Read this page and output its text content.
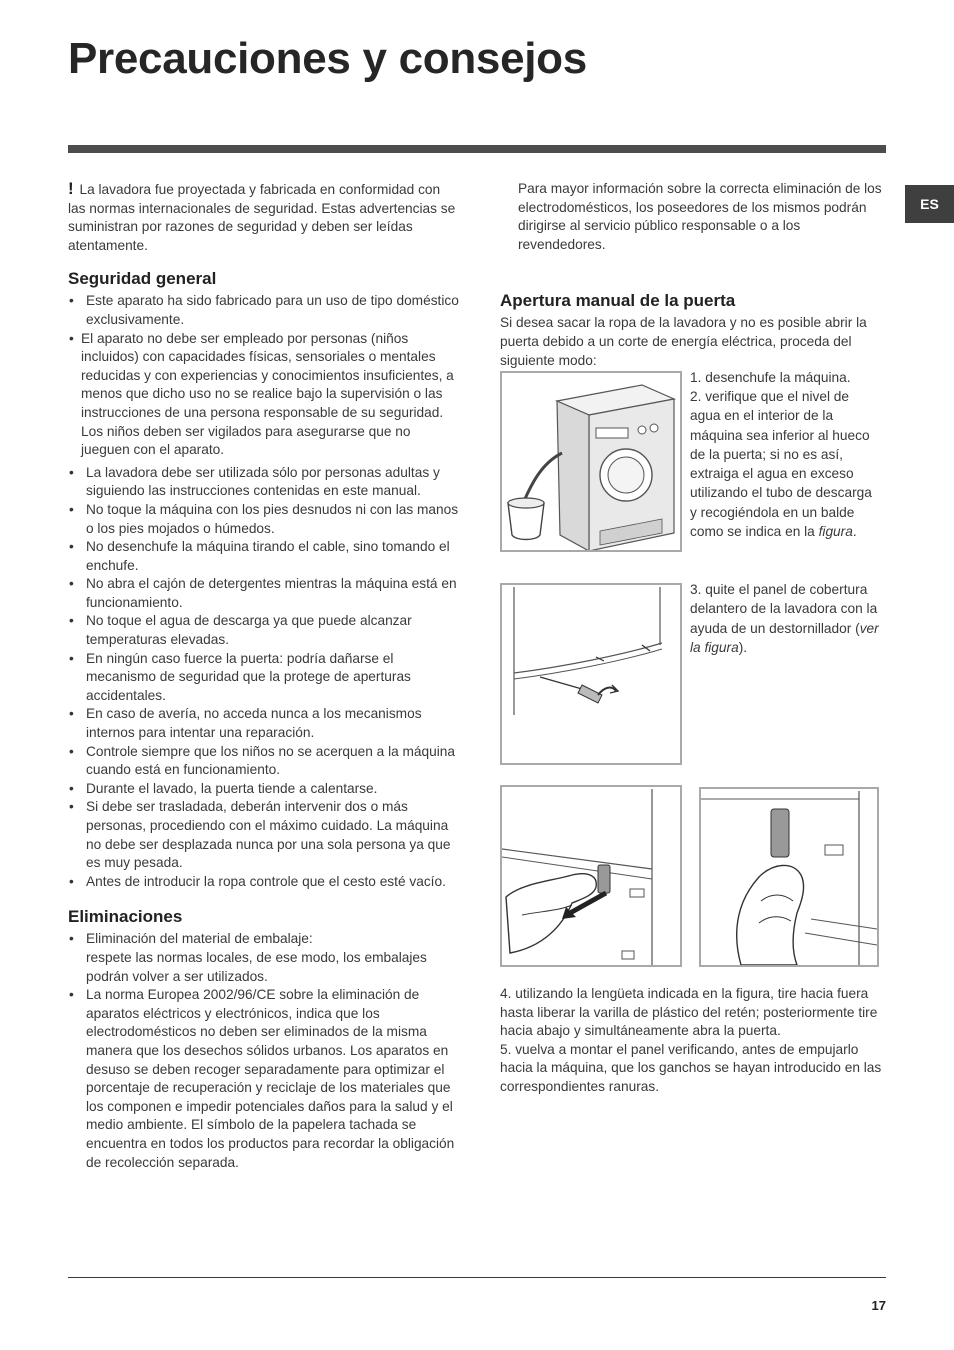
Precauciones y consejos
ES

! La lavadora fue proyectada y fabricada en conformidad con las normas internacionales de seguridad. Estas advertencias se suministran por razones de seguridad y deben ser leídas atentamente.

Seguridad general
• Este aparato ha sido fabricado para un uso de tipo doméstico exclusivamente.
• El aparato no debe ser empleado por personas (niños incluidos) con capacidades físicas, sensoriales o mentales reducidas y con experiencias y conocimientos insuficientes, a menos que dicho uso no se realice bajo la supervisión o las instrucciones de una persona responsable de su seguridad. Los niños deben ser vigilados para asegurarse que no jueguen con el aparato.
• La lavadora debe ser utilizada sólo por personas adultas y siguiendo las instrucciones contenidas en este manual.
• No toque la máquina con los pies desnudos ni con las manos o los pies mojados o húmedos.
• No desenchufe la máquina tirando el cable, sino tomando el enchufe.
• No abra el cajón de detergentes mientras la máquina está en funcionamiento.
• No toque el agua de descarga ya que puede alcanzar temperaturas elevadas.
• En ningún caso fuerce la puerta: podría dañarse el mecanismo de seguridad que la protege de aperturas accidentales.
• En caso de avería, no acceda nunca a los mecanismos internos para intentar una reparación.
• Controle siempre que los niños no se acerquen a la máquina cuando está en funcionamiento.
• Durante el lavado, la puerta tiende a calentarse.
• Si debe ser trasladada, deberán intervenir dos o más personas, procediendo con el máximo cuidado. La máquina no debe ser desplazada nunca por una sola persona ya que es muy pesada.
• Antes de introducir la ropa controle que el cesto esté vacío.
Eliminaciones
• Eliminación del material de embalaje:
respete las normas locales, de ese modo, los embalajes podrán volver a ser utilizados.
• La norma Europea 2002/96/CE sobre la eliminación de aparatos eléctricos y electrónicos, indica que los electrodomésticos no deben ser eliminados de la misma manera que los desechos sólidos urbanos. Los aparatos en desuso se deben recoger separadamente para optimizar el porcentaje de recuperación y reciclaje de los materiales que los componen e impedir potenciales daños para la salud y el medio ambiente. El símbolo de la papelera tachada se encuentra en todos los productos para recordar la obligación de recolección separada.

Para mayor información sobre la correcta eliminación de los electrodomésticos, los poseedores de los mismos podrán dirigirse al servicio público responsable o a los revendedores.

Apertura manual de la puerta

Si desea sacar la ropa de la lavadora y no es posible abrir la puerta debido a un corte de energía eléctrica, proceda del siguiente modo:

1. desenchufe la máquina.
2. verifique que el nivel de agua en el interior de la máquina sea inferior al hueco de la puerta; si no es así, extraiga el agua en exceso utilizando el tubo de descarga y recogiéndola en un balde como se indica en la figura.
3. quite el panel de cobertura delantero de la lavadora con la ayuda de un destornillador (ver la figura).

4. utilizando la lengüeta indicada en la figura, tire hacia fuera hasta liberar la varilla de plástico del retén; posteriormente tire hacia abajo y simultáneamente abra la puerta.

5. vuelva a montar el panel verificando, antes de empujarlo hacia la máquina, que los ganchos se hayan introducido en las correspondientes ranuras.

17
